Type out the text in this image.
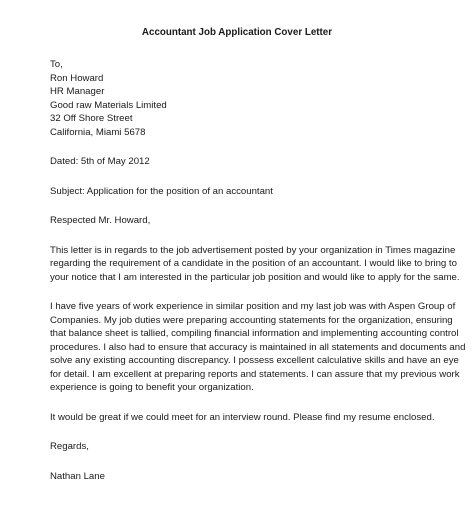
Accountant Job Application Cover Letter

To,

Ron Howard

HR Manager

Good raw Materials Limited

32 Off Shore Street

California, Miami 5678

Dated: 5th of May 2012

Subject: Application for the position of an accountant

Respected Mr. Howard,

This letter is in regards to the job advertisement posted by your organization in Times magazine

regarding the requirement of a candidate in the position of an accountant. I would like to bring to

your notice that I am interested in the particular job position and would like to apply for the same.

I have five years of work experience in similar position and my last job was with Aspen Group of

Companies. My job duties were preparing accounting statements for the organization, ensuring

that balance sheet is tallied, compiling financial information and implementing accounting control

procedures. I also had to ensure that accuracy is maintained in all statements and documents and

solve any existing accounting discrepancy. I possess excellent calculative skills and have an eye

for detail. I am excellent at preparing reports and statements. I can assure that my previous work

experience is going to benefit your organization.

It would be great if we could meet for an interview round. Please find my resume enclosed.

Regards,

Nathan Lane
